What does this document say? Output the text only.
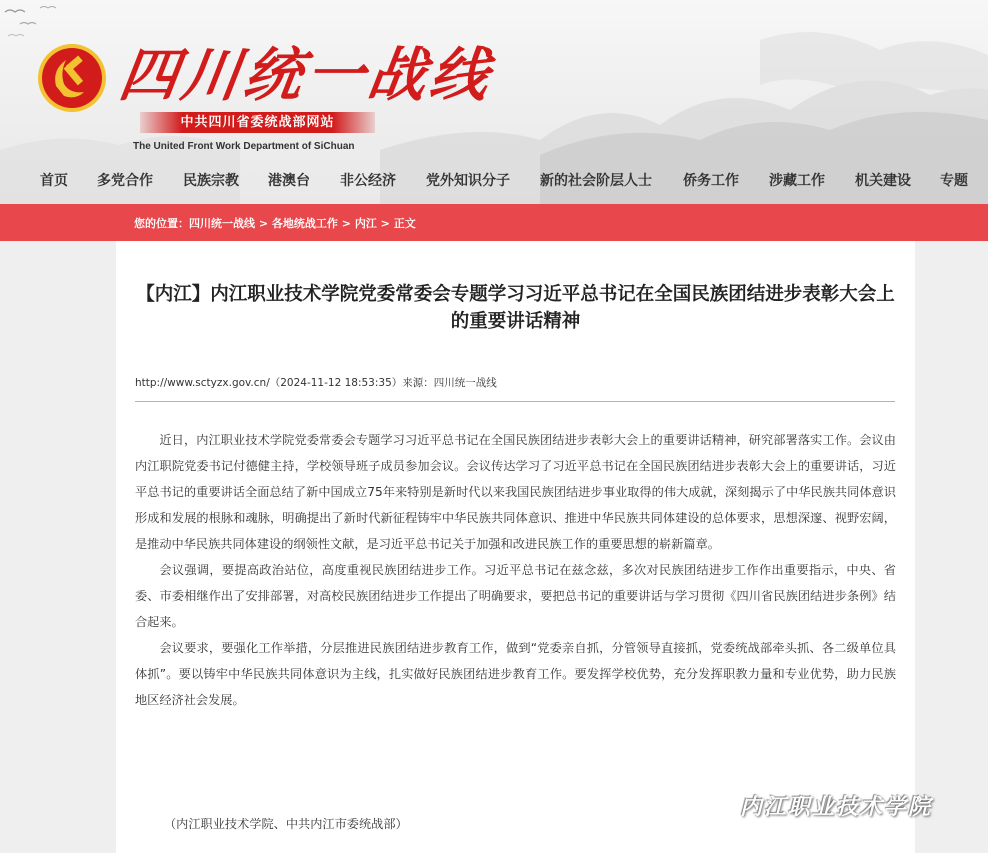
四川统一战线
中共四川省委统战部网站
The United Front Work Department of SiChuan
首页 多党合作 民族宗教 港澳台 非公经济 党外知识分子 新的社会阶层人士 侨务工作 涉藏工作 机关建设 专题
您的位置：四川统一战线 > 各地统战工作 > 内江 > 正文
【内江】内江职业技术学院党委常委会专题学习习近平总书记在全国民族团结进步表彰大会上的重要讲话精神
http://www.sctyzx.gov.cn/（2024-11-12 18:53:35）来源：四川统一战线

近日，内江职业技术学院党委常委会专题学习习近平总书记在全国民族团结进步表彰大会上的重要讲话精神，研究部署落实工作。会议由内江职院党委书记付德健主持，学校领导班子成员参加会议。会议传达学习了习近平总书记在全国民族团结进步表彰大会上的重要讲话，习近平总书记的重要讲话全面总结了新中国成立75年来特别是新时代以来我国民族团结进步事业取得的伟大成就，深刻揭示了中华民族共同体意识形成和发展的根脉和魂脉，明确提出了新时代新征程铸牢中华民族共同体意识、推进中华民族共同体建设的总体要求，思想深邃、视野宏阔，是推动中华民族共同体建设的纲领性文献，是习近平总书记关于加强和改进民族工作的重要思想的崭新篇章。

会议强调，要提高政治站位，高度重视民族团结进步工作。习近平总书记在兹念兹，多次对民族团结进步工作作出重要指示，中央、省委、市委相继作出了安排部署，对高校民族团结进步工作提出了明确要求，要把总书记的重要讲话与学习贯彻《四川省民族团结进步条例》结合起来。

会议要求，要强化工作举措，分层推进民族团结进步教育工作，做到“党委亲自抓，分管领导直接抓，党委统战部牵头抓、各二级单位具体抓”。要以铸牢中华民族共同体意识为主线，扎实做好民族团结进步教育工作。要发挥学校优势，充分发挥职教力量和专业优势，助力民族地区经济社会发展。

（内江职业技术学院、中共内江市委统战部）
内江职业技术学院
